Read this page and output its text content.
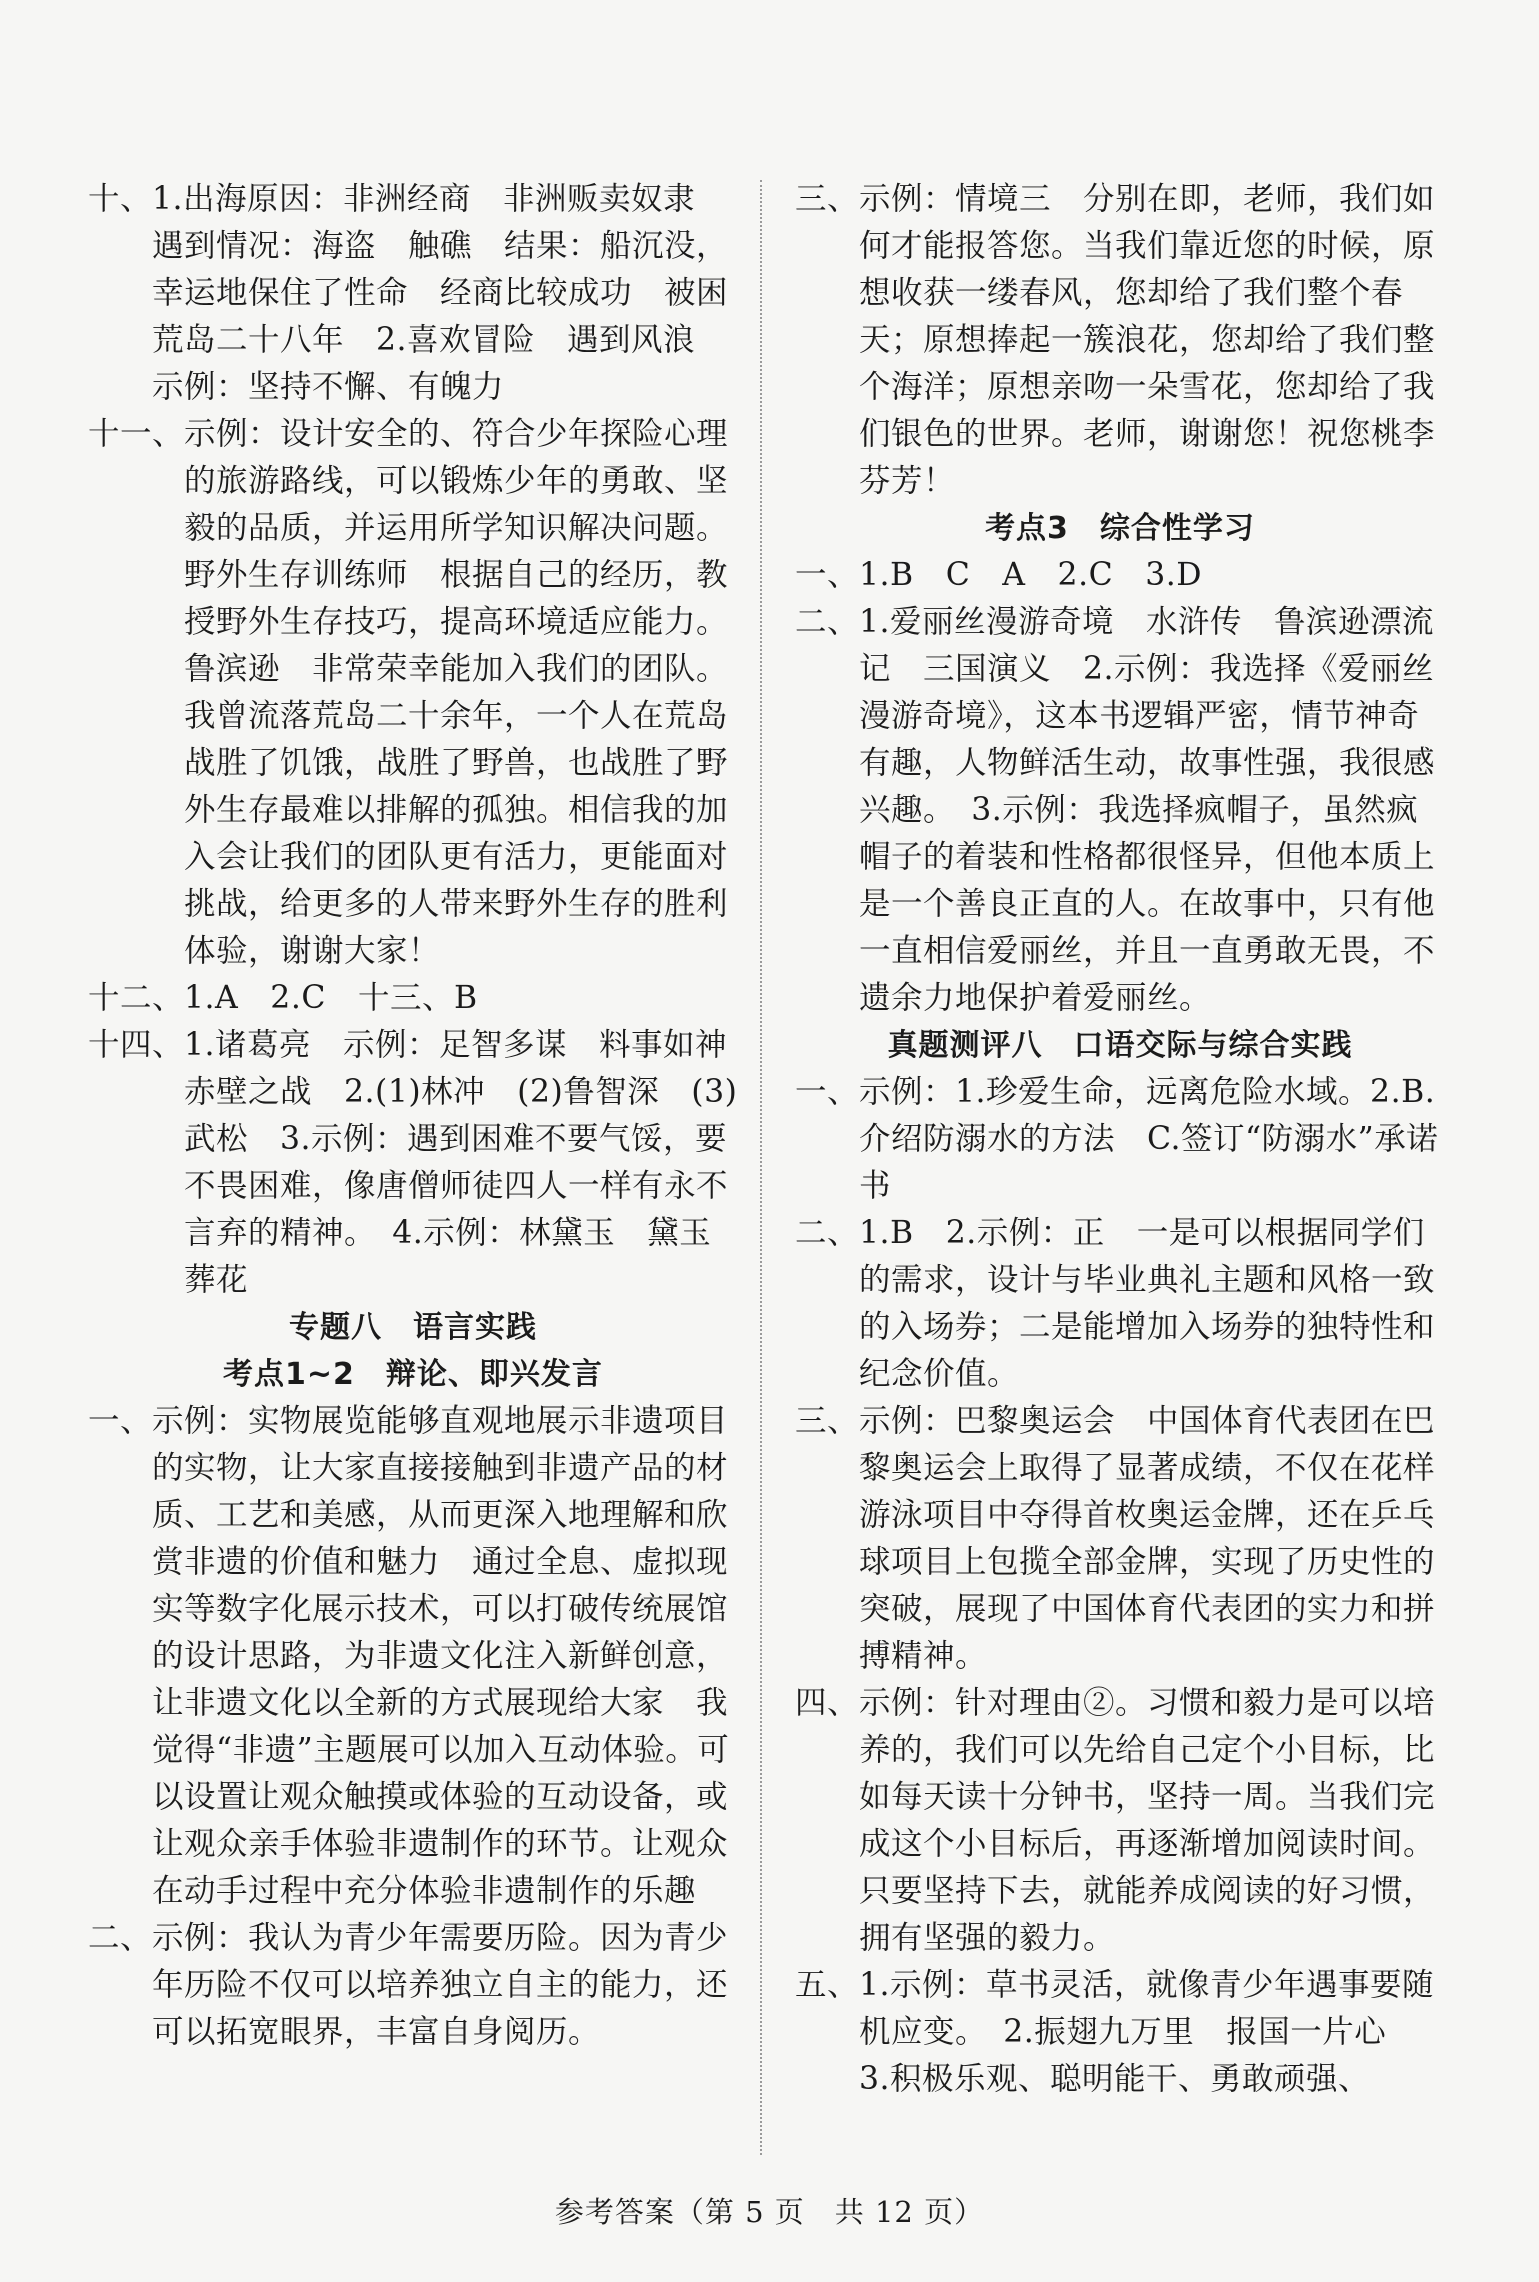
十、1.出海原因：非洲经商　非洲贩卖奴隶　遇到情况：海盗　触礁　结果：船沉没，幸运地保住了性命　经商比较成功　被困荒岛二十八年　2.喜欢冒险　遇到风浪　示例：坚持不懈、有魄力

十一、示例：设计安全的、符合少年探险心理的旅游路线，可以锻炼少年的勇敢、坚毅的品质，并运用所学知识解决问题。野外生存训练师　根据自己的经历，教授野外生存技巧，提高环境适应能力。鲁滨逊　非常荣幸能加入我们的团队。我曾流落荒岛二十余年，一个人在荒岛战胜了饥饿，战胜了野兽，也战胜了野外生存最难以排解的孤独。相信我的加入会让我们的团队更有活力，更能面对挑战，给更多的人带来野外生存的胜利体验，谢谢大家！

十二、1.A　2.C　十三、B

十四、1.诸葛亮　示例：足智多谋　料事如神　赤壁之战　2.(1)林冲　(2)鲁智深　(3)武松　3.示例：遇到困难不要气馁，要不畏困难，像唐僧师徒四人一样有永不言弃的精神。　4.示例：林黛玉　黛玉葬花

专题八　语言实践

考点1~2　辩论、即兴发言

一、示例：实物展览能够直观地展示非遗项目的实物，让大家直接接触到非遗产品的材质、工艺和美感，从而更深入地理解和欣赏非遗的价值和魅力　通过全息、虚拟现实等数字化展示技术，可以打破传统展馆的设计思路，为非遗文化注入新鲜创意，让非遗文化以全新的方式展现给大家　我觉得“非遗”主题展可以加入互动体验。可以设置让观众触摸或体验的互动设备，或让观众亲手体验非遗制作的环节。让观众在动手过程中充分体验非遗制作的乐趣

二、示例：我认为青少年需要历险。因为青少年历险不仅可以培养独立自主的能力，还可以拓宽眼界，丰富自身阅历。

三、示例：情境三　分别在即，老师，我们如何才能报答您。当我们靠近您的时候，原想收获一缕春风，您却给了我们整个春天；原想捧起一簇浪花，您却给了我们整个海洋；原想亲吻一朵雪花，您却给了我们银色的世界。老师，谢谢您！祝您桃李芬芳！

考点3　综合性学习

一、1.B　C　A　2.C　3.D

二、1.爱丽丝漫游奇境　水浒传　鲁滨逊漂流记　三国演义　2.示例：我选择《爱丽丝漫游奇境》，这本书逻辑严密，情节神奇有趣，人物鲜活生动，故事性强，我很感兴趣。　3.示例：我选择疯帽子，虽然疯帽子的着装和性格都很怪异，但他本质上是一个善良正直的人。在故事中，只有他一直相信爱丽丝，并且一直勇敢无畏，不遗余力地保护着爱丽丝。

真题测评八　口语交际与综合实践

一、示例：1.珍爱生命，远离危险水域。2.B.介绍防溺水的方法　C.签订“防溺水”承诺书

二、1.B　2.示例：正　一是可以根据同学们的需求，设计与毕业典礼主题和风格一致的入场券；二是能增加入场券的独特性和纪念价值。

三、示例：巴黎奥运会　中国体育代表团在巴黎奥运会上取得了显著成绩，不仅在花样游泳项目中夺得首枚奥运金牌，还在乒乓球项目上包揽全部金牌，实现了历史性的突破，展现了中国体育代表团的实力和拼搏精神。

四、示例：针对理由②。习惯和毅力是可以培养的，我们可以先给自己定个小目标，比如每天读十分钟书，坚持一周。当我们完成这个小目标后，再逐渐增加阅读时间。只要坚持下去，就能养成阅读的好习惯，拥有坚强的毅力。

五、1.示例：草书灵活，就像青少年遇事要随机应变。　2.振翅九万里　报国一片心　3.积极乐观、聪明能干、勇敢顽强、

参考答案（第 5 页　共 12 页）
